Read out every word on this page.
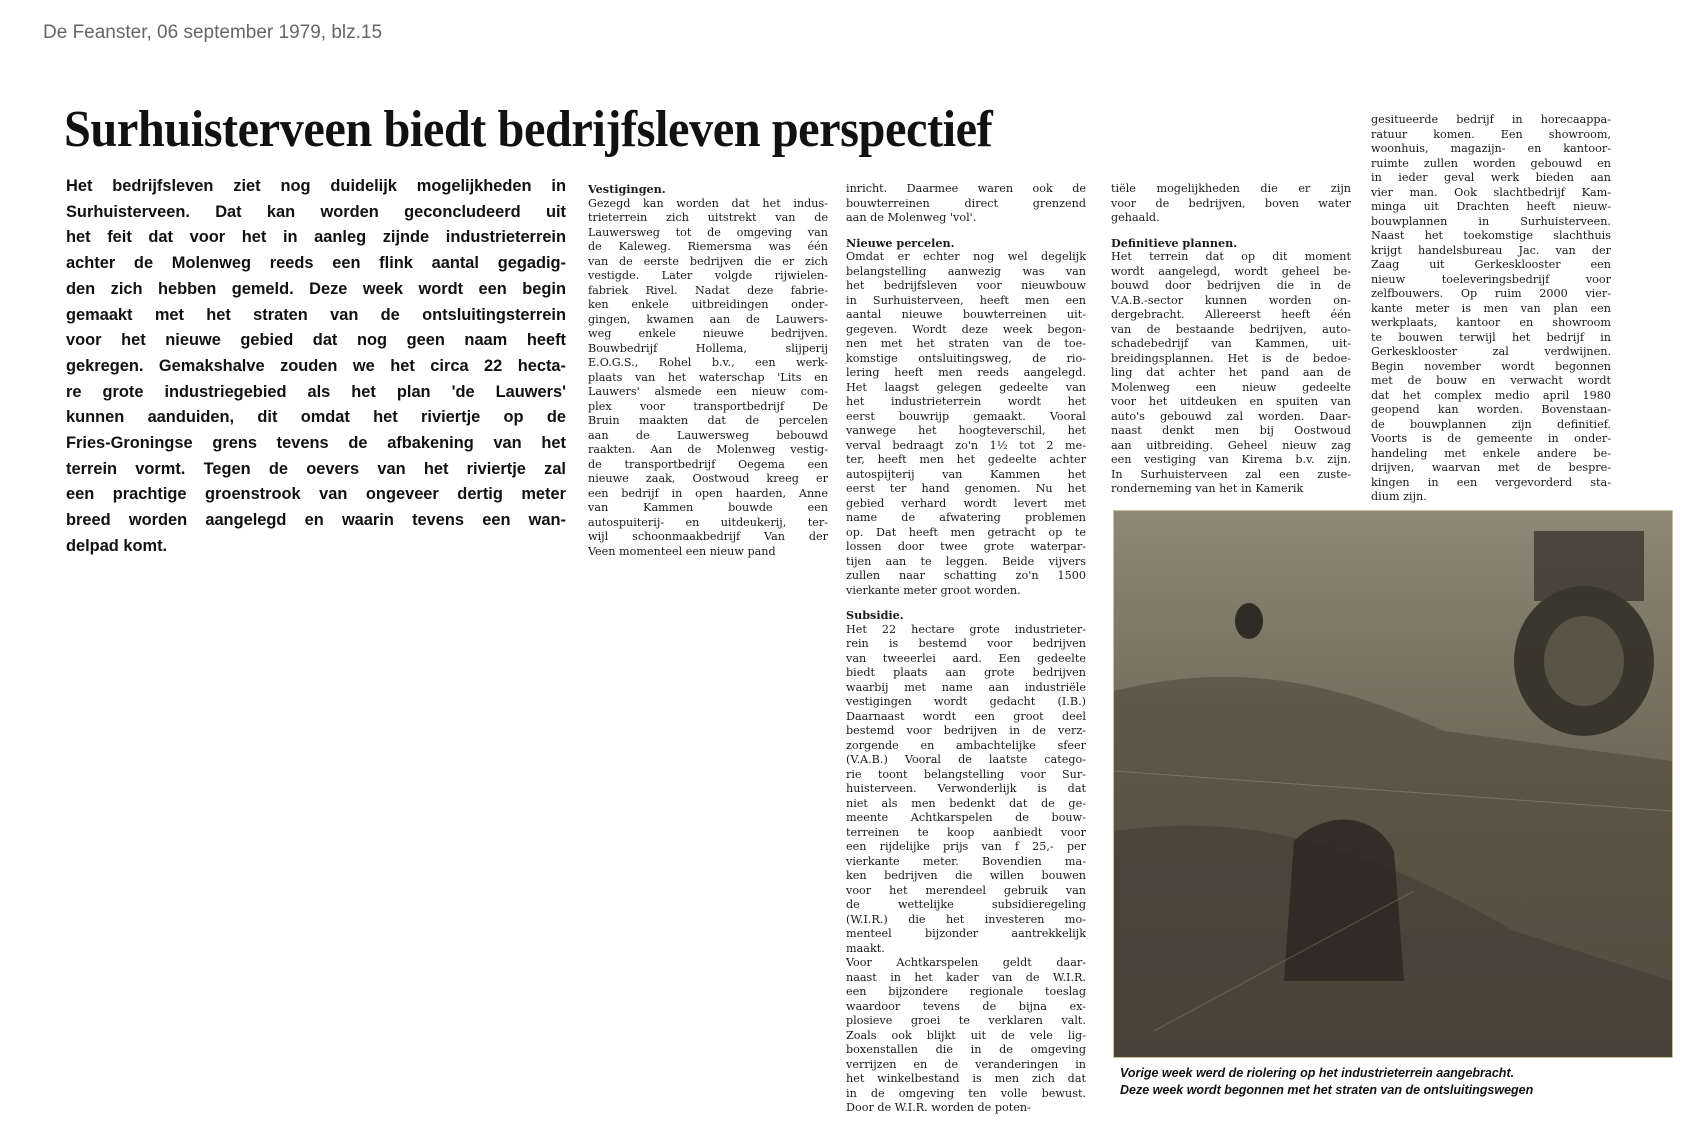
De Feanster, 06 september 1979, blz.15
Surhuisterveen biedt bedrijfsleven perspectief
Het bedrijfsleven ziet nog duidelijk mogelijkheden in
Surhuisterveen. Dat kan worden geconcludeerd uit
het feit dat voor het in aanleg zijnde industrieterrein
achter de Molenweg reeds een flink aantal gegadig-
den zich hebben gemeld. Deze week wordt een begin
gemaakt met het straten van de ontsluitingsterrein
voor het nieuwe gebied dat nog geen naam heeft
gekregen. Gemakshalve zouden we het circa 22 hecta-
re grote industriegebied als het plan 'de Lauwers'
kunnen aanduiden, dit omdat het riviertje op de
Fries-Groningse grens tevens de afbakening van het
terrein vormt. Tegen de oevers van het riviertje zal
een prachtige groenstrook van ongeveer dertig meter
breed worden aangelegd en waarin tevens een wan-
delpad komt.
Vestigingen.
Gezegd kan worden dat het indus-
trieterrein zich uitstrekt van de
Lauwersweg tot de omgeving van
de Kaleweg. Riemersma was één
van de eerste bedrijven die er zich
vestigde. Later volgde rijwielen-
fabriek Rivel. Nadat deze fabrie-
ken enkele uitbreidingen onder-
gingen, kwamen aan de Lauwers-
weg enkele nieuwe bedrijven.
Bouwbedrijf Hollema, slijperij
E.O.G.S., Rohel b.v., een werk-
plaats van het waterschap 'Lits en
Lauwers' alsmede een nieuw com-
plex voor transportbedrijf De
Bruin maakten dat de percelen
aan de Lauwersweg bebouwd
raakten. Aan de Molenweg vestig-
de transportbedrijf Oegema een
nieuwe zaak, Oostwoud kreeg er
een bedrijf in open haarden, Anne
van Kammen bouwde een
autospuiterij- en uitdeukerij, ter-
wijl schoonmaakbedrijf Van der
Veen momenteel een nieuw pand
inricht. Daarmee waren ook de
bouwterreinen direct grenzend
aan de Molenweg 'vol'.
Nieuwe percelen.
Omdat er echter nog wel degelijk
belangstelling aanwezig was van
het bedrijfsleven voor nieuwbouw
in Surhuisterveen, heeft men een
aantal nieuwe bouwterreinen uit-
gegeven. Wordt deze week begon-
nen met het straten van de toe-
komstige ontsluitingsweg, de rio-
lering heeft men reeds aangelegd.
Het laagst gelegen gedeelte van
het industrieterrein wordt het
eerst bouwrijp gemaakt. Vooral
vanwege het hoogteverschil, het
verval bedraagt zo'n 1½ tot 2 me-
ter, heeft men het gedeelte achter
autospijterij van Kammen het
eerst ter hand genomen. Nu het
gebied verhard wordt levert met
name de afwatering problemen
op. Dat heeft men getracht op te
lossen door twee grote waterpar-
tijen aan te leggen. Beide vijvers
zullen naar schatting zo'n 1500
vierkante meter groot worden.
Subsidie.
Het 22 hectare grote industrieter-
rein is bestemd voor bedrijven
van tweeerlei aard. Een gedeelte
biedt plaats aan grote bedrijven
waarbij met name aan industriële
vestigingen wordt gedacht (I.B.)
Daarnaast wordt een groot deel
bestemd voor bedrijven in de verz-
zorgende en ambachtelijke sfeer
(V.A.B.) Vooral de laatste catego-
rie toont belangstelling voor Sur-
huisterveen. Verwonderlijk is dat
niet als men bedenkt dat de ge-
meente Achtkarspelen de bouw-
terreinen te koop aanbiedt voor
een rijdelijke prijs van f 25,- per
vierkante meter. Bovendien ma-
ken bedrijven die willen bouwen
voor het merendeel gebruik van
de wettelijke subsidieregeling
(W.I.R.) die het investeren mo-
menteel bijzonder aantrekkelijk
maakt.
Voor Achtkarspelen geldt daar-
naast in het kader van de W.I.R.
een bijzondere regionale toeslag
waardoor tevens de bijna ex-
plosieve groei te verklaren valt.
Zoals ook blijkt uit de vele lig-
boxenstallen die in de omgeving
verrijzen en de veranderingen in
het winkelbestand is men zich dat
in de omgeving ten volle bewust.
Door de W.I.R. worden de poten-
tiële mogelijkheden die er zijn
voor de bedrijven, boven water
gehaald.
Definitieve plannen.
Het terrein dat op dit moment
wordt aangelegd, wordt geheel be-
bouwd door bedrijven die in de
V.A.B.-sector kunnen worden on-
dergebracht. Allereerst heeft één
van de bestaande bedrijven, auto-
schadebedrijf van Kammen, uit-
breidingsplannen. Het is de bedoe-
ling dat achter het pand aan de
Molenweg een nieuw gedeelte
voor het uitdeuken en spuiten van
auto's gebouwd zal worden. Daar-
naast denkt men bij Oostwoud
aan uitbreiding. Geheel nieuw zag
een vestiging van Kirema b.v. zijn.
In Surhuisterveen zal een zuste-
ronderneming van het in Kamerik
gesitueerde bedrijf in horecaappa-
ratuur komen. Een showroom,
woonhuis, magazijn- en kantoor-
ruimte zullen worden gebouwd en
in ieder geval werk bieden aan
vier man. Ook slachtbedrijf Kam-
minga uit Drachten heeft nieuw-
bouwplannen in Surhuisterveen.
Naast het toekomstige slachthuis
krijgt handelsbureau Jac. van der
Zaag uit Gerkesklooster een
nieuw toeleveringsbedrijf voor
zelfbouwers. Op ruim 2000 vier-
kante meter is men van plan een
werkplaats, kantoor en showroom
te bouwen terwijl het bedrijf in
Gerkesklooster zal verdwijnen.
Begin november wordt begonnen
met de bouw en verwacht wordt
dat het complex medio april 1980
geopend kan worden. Bovenstaan-
de bouwplannen zijn definitief.
Voorts is de gemeente in onder-
handeling met enkele andere be-
drijven, waarvan met de bespre-
kingen in een vergevorderd sta-
dium zijn.
Vorige week werd de riolering op het industrieterrein aangebracht.
Deze week wordt begonnen met het straten van de ontsluitingswegen
